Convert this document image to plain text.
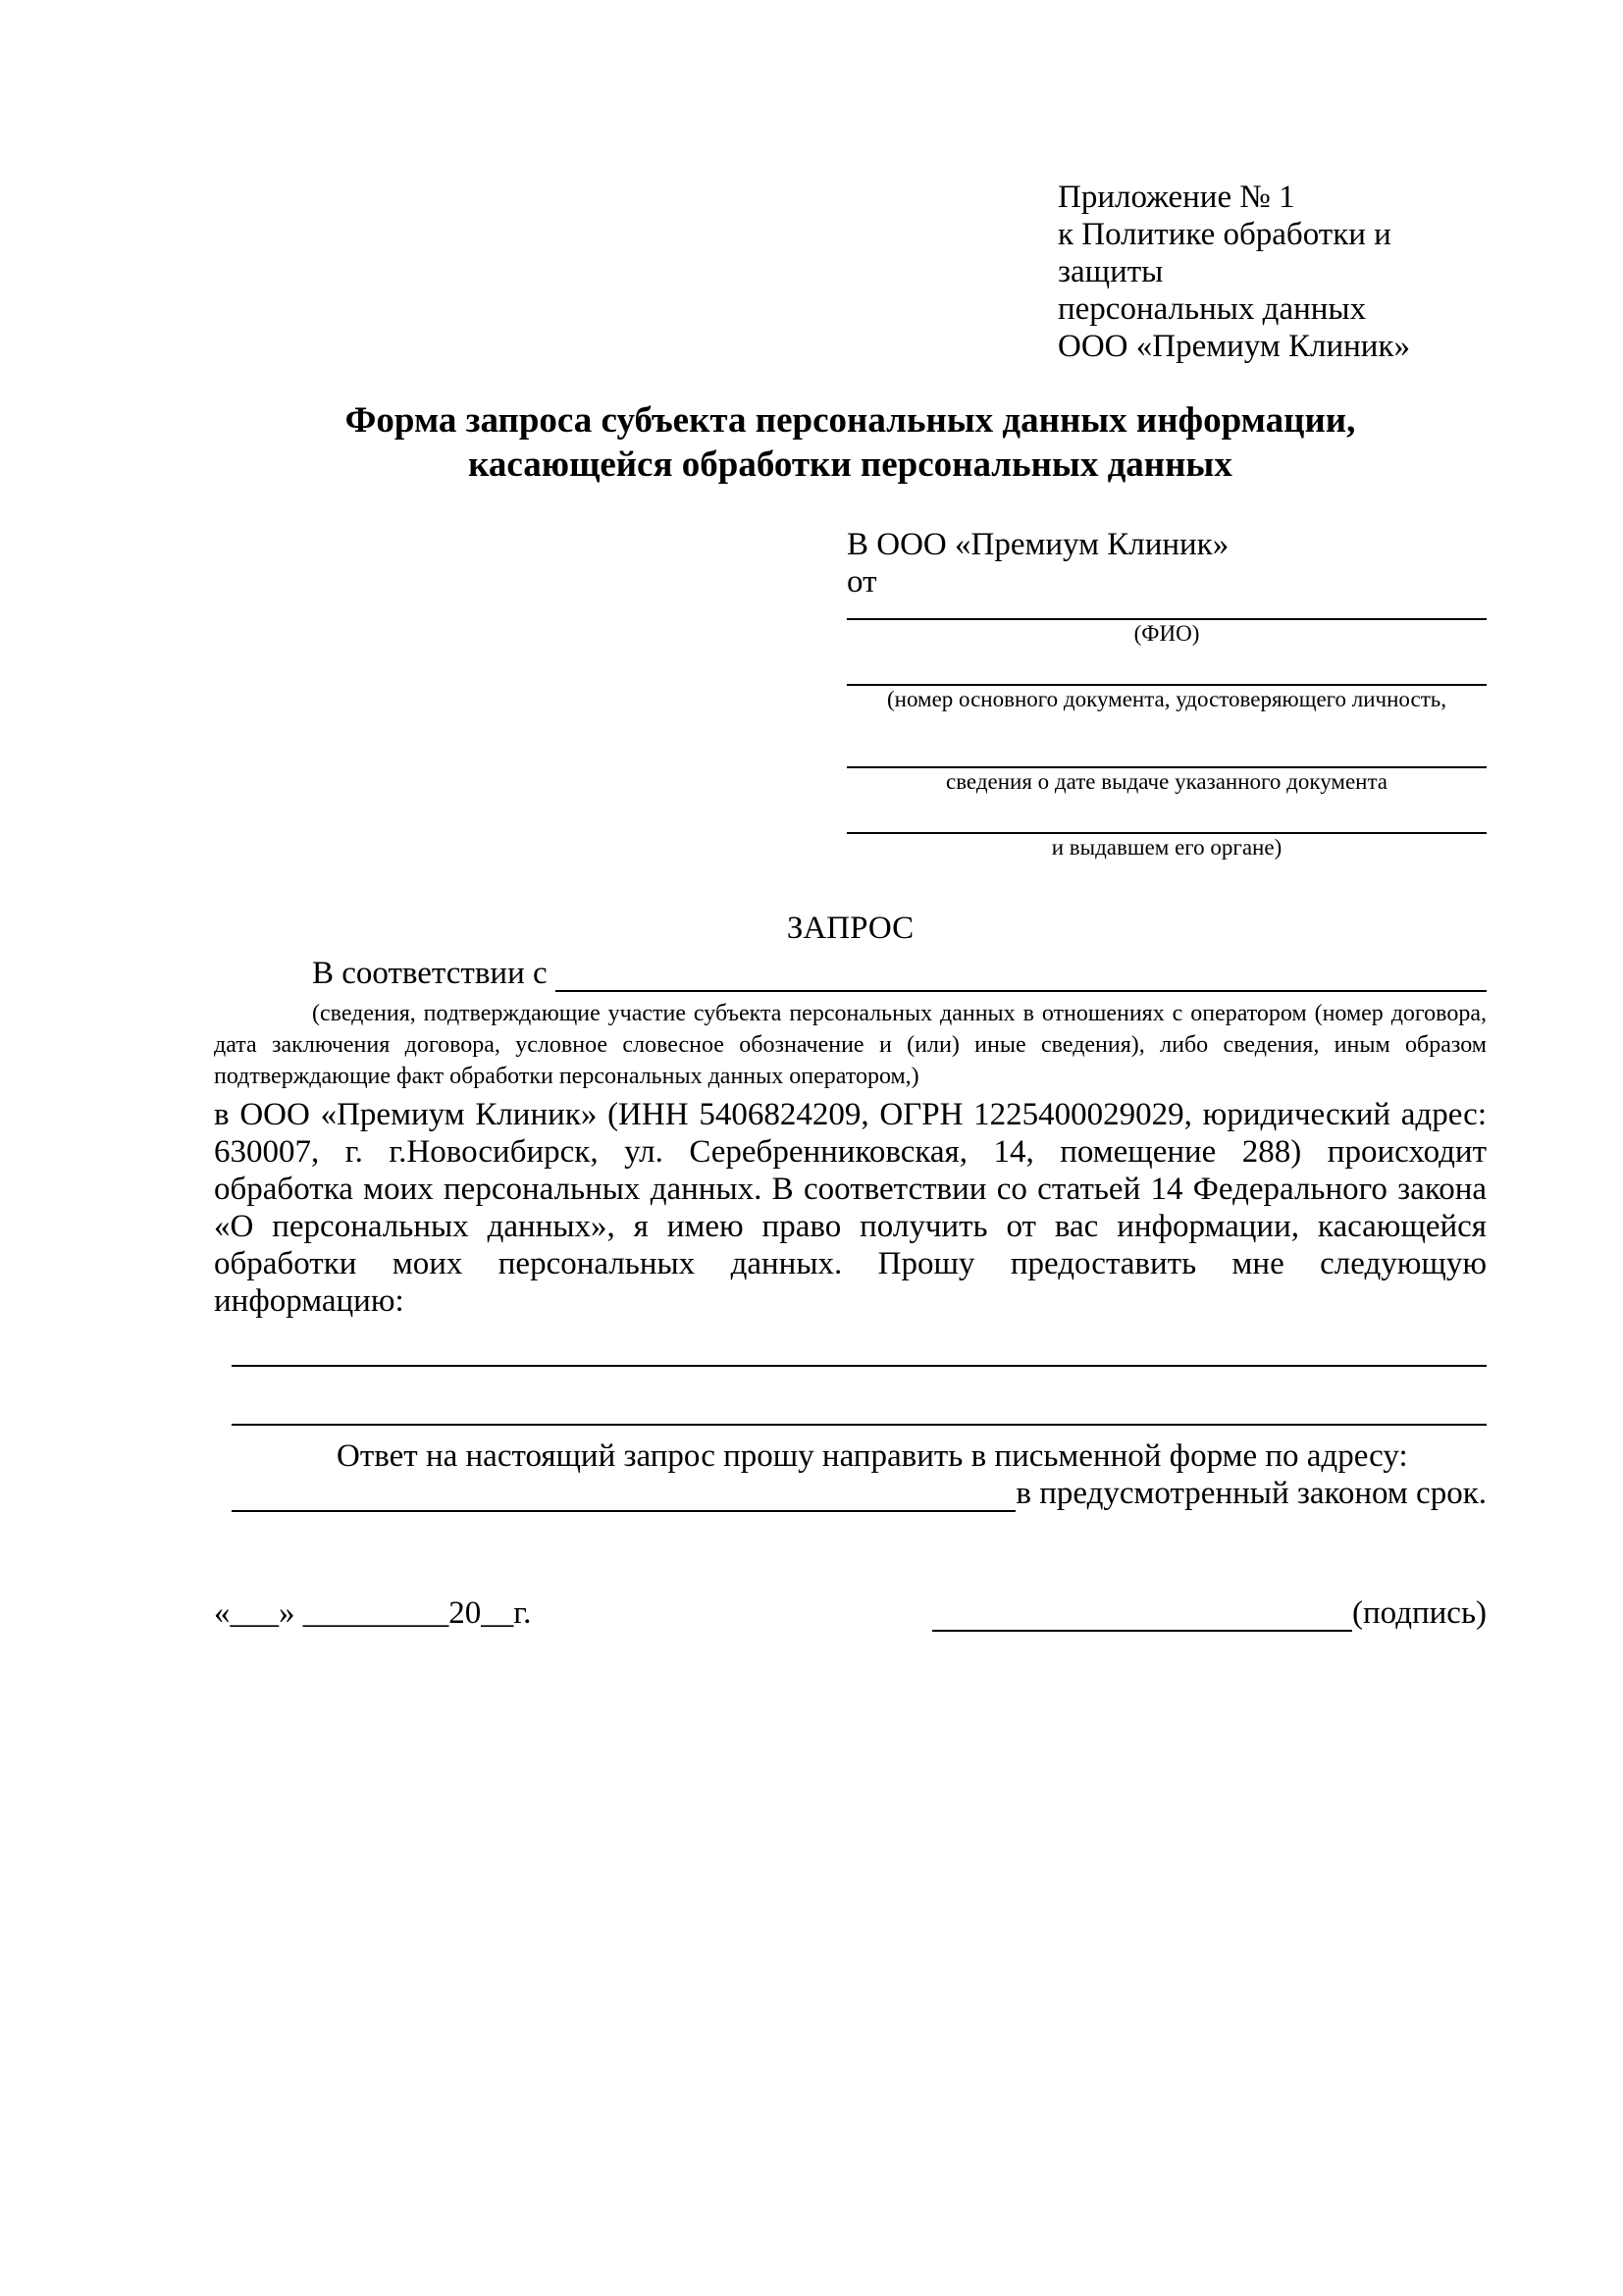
Приложение № 1
к Политике обработки и защиты
персональных данных
ООО «Премиум Клиник»
Форма запроса субъекта персональных данных информации,
касающейся обработки персональных данных
В ООО «Премиум Клиник»
от
(ФИО)
(номер основного документа, удостоверяющего личность,
сведения о дате выдаче указанного документа
и выдавшем его органе)
ЗАПРОС
В соответствии с

(сведения, подтверждающие участие субъекта персональных данных в отношениях с оператором (номер договора, дата заключения договора, условное словесное обозначение и (или) иные сведения), либо сведения, иным образом подтверждающие факт обработки персональных данных оператором,)
в ООО «Премиум Клиник» (ИНН 5406824209, ОГРН 1225400029029, юридический адрес: 630007, г. г.Новосибирск, ул. Серебренниковская, 14, помещение 288) происходит обработка моих персональных данных. В соответствии со статьей 14 Федерального закона «О персональных данных», я имею право получить от вас информации, касающейся обработки моих персональных данных. Прошу предоставить мне следующую информацию:
Ответ на настоящий запрос прошу направить в письменной форме по адресу:
в предусмотренный законом срок.
«___» _________20__г.	(подпись)
